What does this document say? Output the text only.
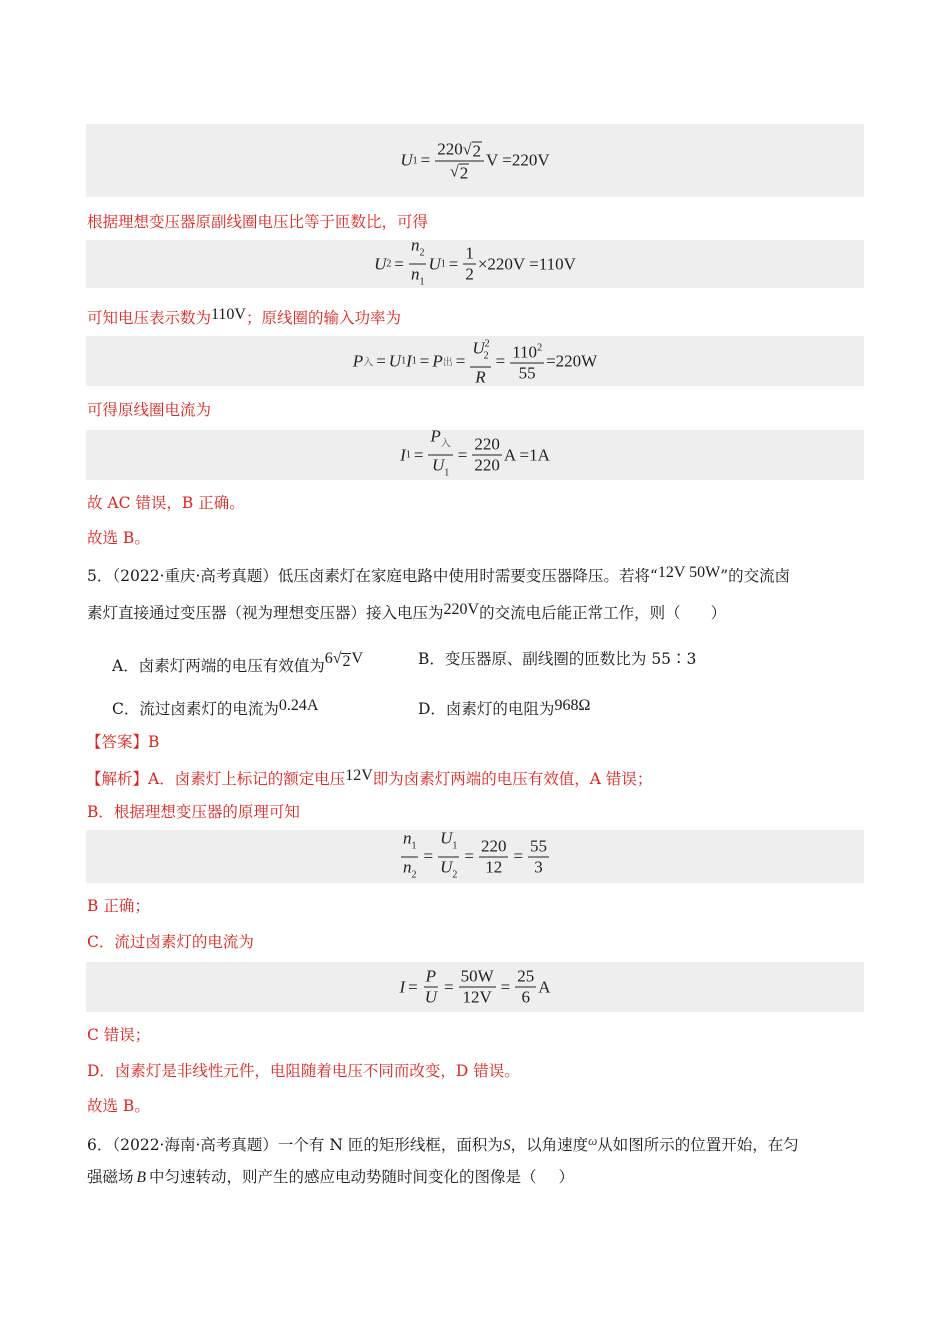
U $1 = \frac{220 √ 2}{√ 2}$ V =220V
根据理想变压器原副线圈电压比等于匝数比，可得
U $2 = \frac{n_2}{n_1}$ U $1 = \frac{1}{2} \times 220V =110V$
可知电压表示数为110V；原线圈的输入功率为
P 入 = U 1 I 1 = P 出 = $\frac{U^2_2}{R} = \frac{110^2}{55} =220W$
可得原线圈电流为
I $1 = \frac{P_入}{U_1} = \frac{220}{220}$ A =1A
故 AC 错误，B 正确。
故选 B。
5．（2022·重庆·高考真题）低压卤素灯在家庭电路中使用时需要变压器降压。若将“12V 50W”的交流卤
素灯直接通过变压器（视为理想变压器）接入电压为220V的交流电后能正常工作，则（ ）
A．卤素灯两端的电压有效值为6 √ 2 V	B．变压器原、副线圈的匝数比为 55∶3
C．流过卤素灯的电流为0.24A	D．卤素灯的电阻为968Ω
【答案】B
【解析】A．卤素灯上标记的额定电压12V即为卤素灯两端的电压有效值，A 错误；
B．根据理想变压器的原理可知
$\frac{n_1}{n_2} = \frac{U_1}{U_2} = \frac{220}{12} = \frac{55}{3}$
B 正确；
C．流过卤素灯的电流为
$I = \frac{P}{U} = \frac{50W}{12V} = \frac{25}{6}$ A
C 错误；
D．卤素灯是非线性元件，电阻随着电压不同而改变，D 错误。
故选 B。
6．（2022·海南·高考真题）一个有 N 匝的矩形线框，面积为S，以角速度$^\omega$从如图所示的位置开始，在匀
强磁场 B 中匀速转动，则产生的感应电动势随时间变化的图像是（ ）
